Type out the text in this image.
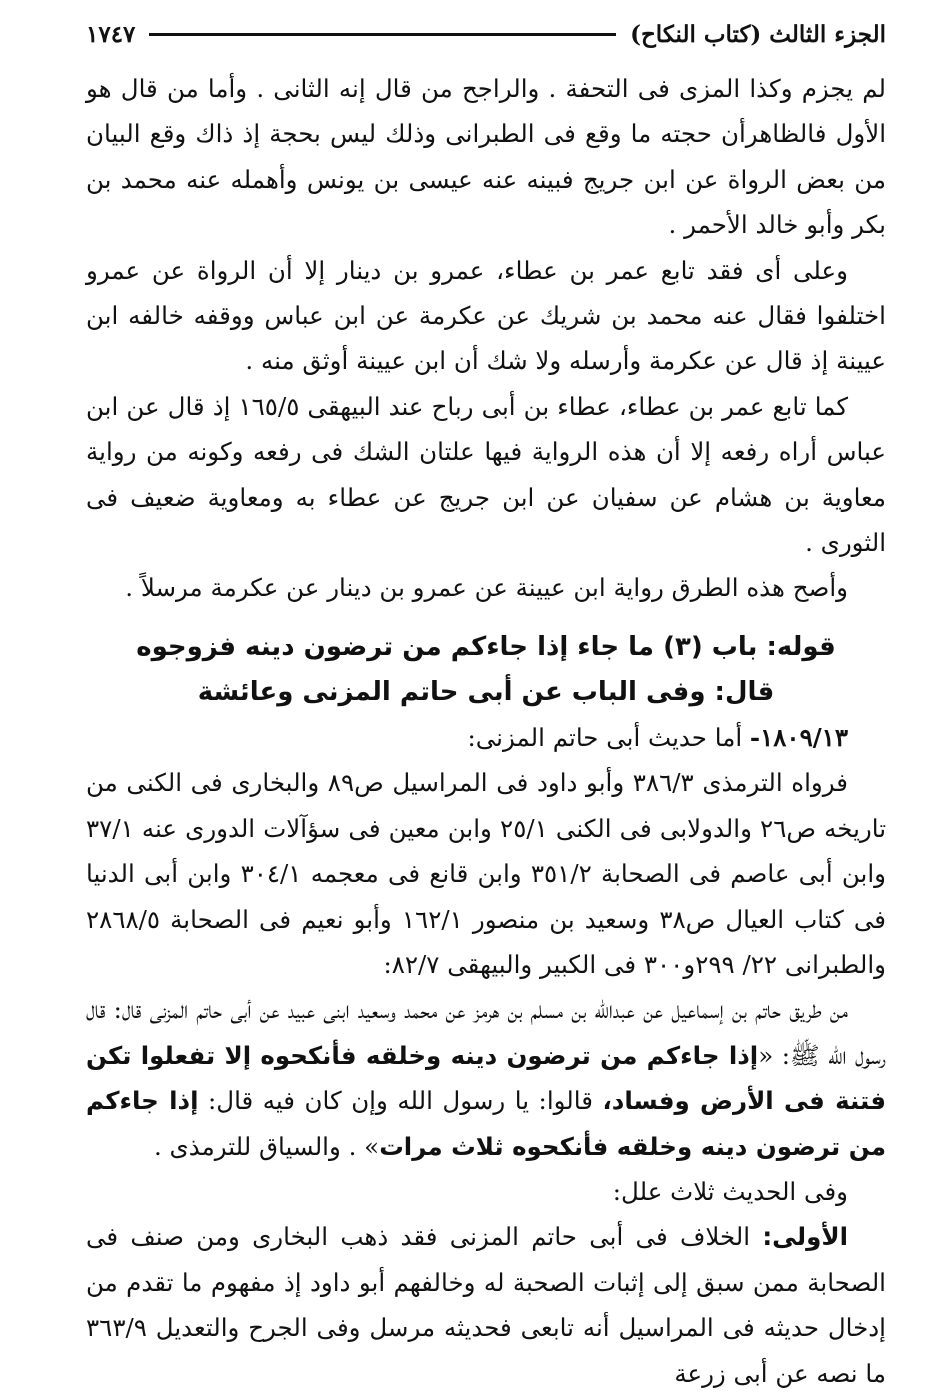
الجزء الثالث (كتاب النكاح)
١٧٤٧

لم يجزم وكذا المزى فى التحفة . والراجح من قال إنه الثانى . وأما من قال هو الأول فالظاهرأن حجته ما وقع فى الطبرانى وذلك ليس بحجة إذ ذاك وقع البيان من بعض الرواة عن ابن جريج فبينه عنه عيسى بن يونس وأهمله عنه محمد بن بكر وأبو خالد الأحمر .

وعلى أى فقد تابع عمر بن عطاء، عمرو بن دينار إلا أن الرواة عن عمرو اختلفوا فقال عنه محمد بن شريك عن عكرمة عن ابن عباس ووقفه خالفه ابن عيينة إذ قال عن عكرمة وأرسله ولا شك أن ابن عيينة أوثق منه .

كما تابع عمر بن عطاء، عطاء بن أبى رباح عند البيهقى ١٦٥/٥ إذ قال عن ابن عباس أراه رفعه إلا أن هذه الرواية فيها علتان الشك فى رفعه وكونه من رواية معاوية بن هشام عن سفيان عن ابن جريج عن عطاء به ومعاوية ضعيف فى الثورى .

وأصح هذه الطرق رواية ابن عيينة عن عمرو بن دينار عن عكرمة مرسلاً .

قوله: باب (٣) ما جاء إذا جاءكم من ترضون دينه فزوجوه
قال: وفى الباب عن أبى حاتم المزنى وعائشة

١٨٠٩/١٣- أما حديث أبى حاتم المزنى:

فرواه الترمذى ٣٨٦/٣ وأبو داود فى المراسيل ص٨٩ والبخارى فى الكنى من تاريخه ص٢٦ والدولابى فى الكنى ٢٥/١ وابن معين فى سؤآلات الدورى عنه ٣٧/١ وابن أبى عاصم فى الصحابة ٣٥١/٢ وابن قانع فى معجمه ٣٠٤/١ وابن أبى الدنيا فى كتاب العيال ص٣٨ وسعيد بن منصور ١٦٢/١ وأبو نعيم فى الصحابة ٢٨٦٨/٥ والطبرانى ٢٢/ ٢٩٩و٣٠٠ فى الكبير والبيهقى ٨٢/٧:

من طريق حاتم بن إسماعيل عن عبدالله بن مسلم بن هرمز عن محمد وسعيد ابنى عبيد عن أبى حاتم المزنى قال: قال رسول الله ﷺ: «إذا جاءكم من ترضون دينه وخلقه فأنكحوه إلا تفعلوا تكن فتنة فى الأرض وفساد، قالوا: يا رسول الله وإن كان فيه قال: إذا جاءكم من ترضون دينه وخلقه فأنكحوه ثلاث مرات» . والسياق للترمذى .

وفى الحديث ثلاث علل:

الأولى: الخلاف فى أبى حاتم المزنى فقد ذهب البخارى ومن صنف فى الصحابة ممن سبق إلى إثبات الصحبة له وخالفهم أبو داود إذ مفهوم ما تقدم من إدخال حديثه فى المراسيل أنه تابعى فحديثه مرسل وفى الجرح والتعديل ٣٦٣/٩ ما نصه عن أبى زرعة
